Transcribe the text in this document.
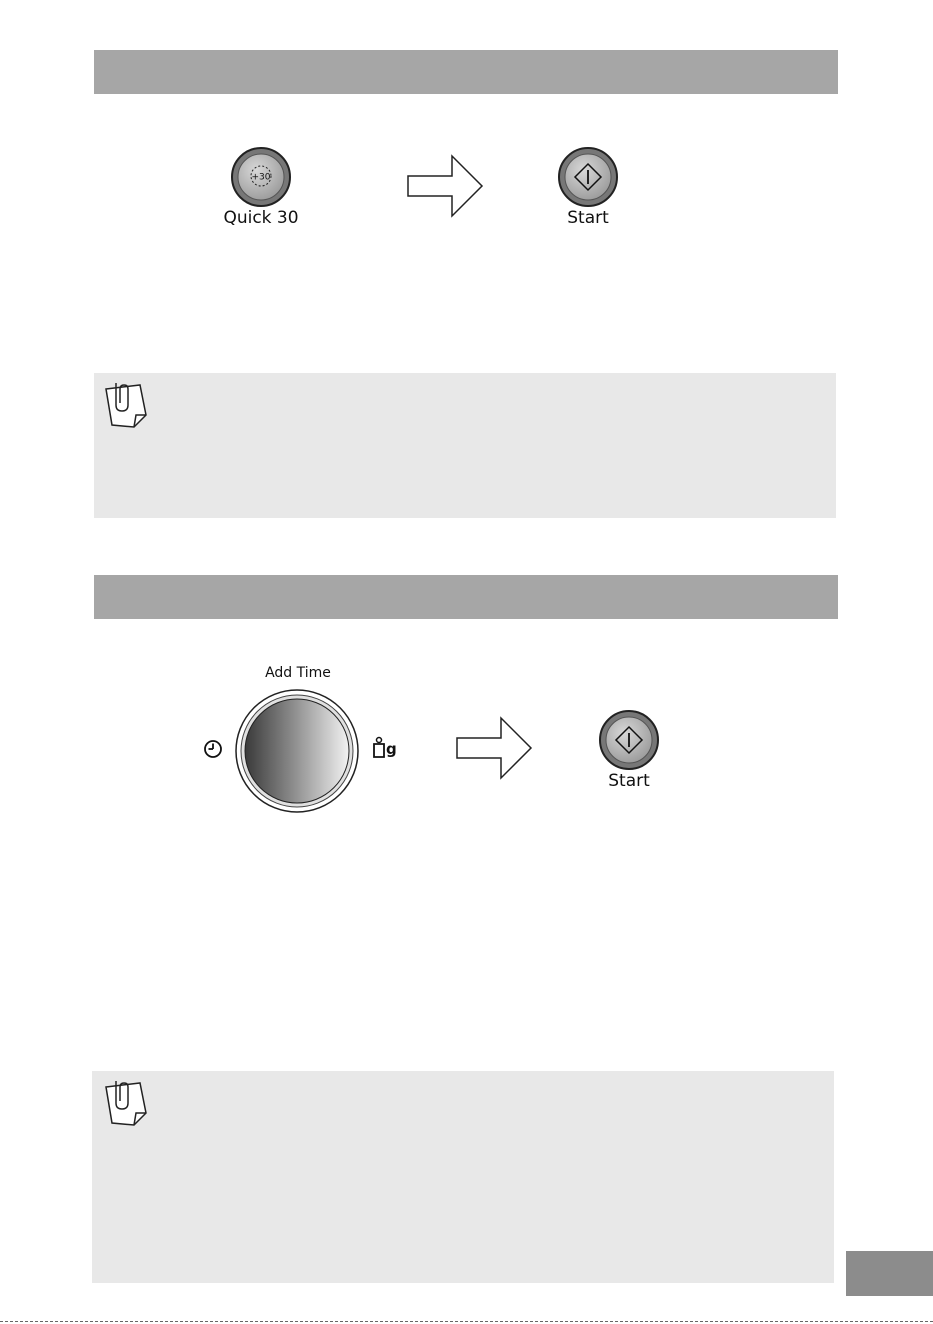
+30
Quick 30	Start
Add Time
g
Start
